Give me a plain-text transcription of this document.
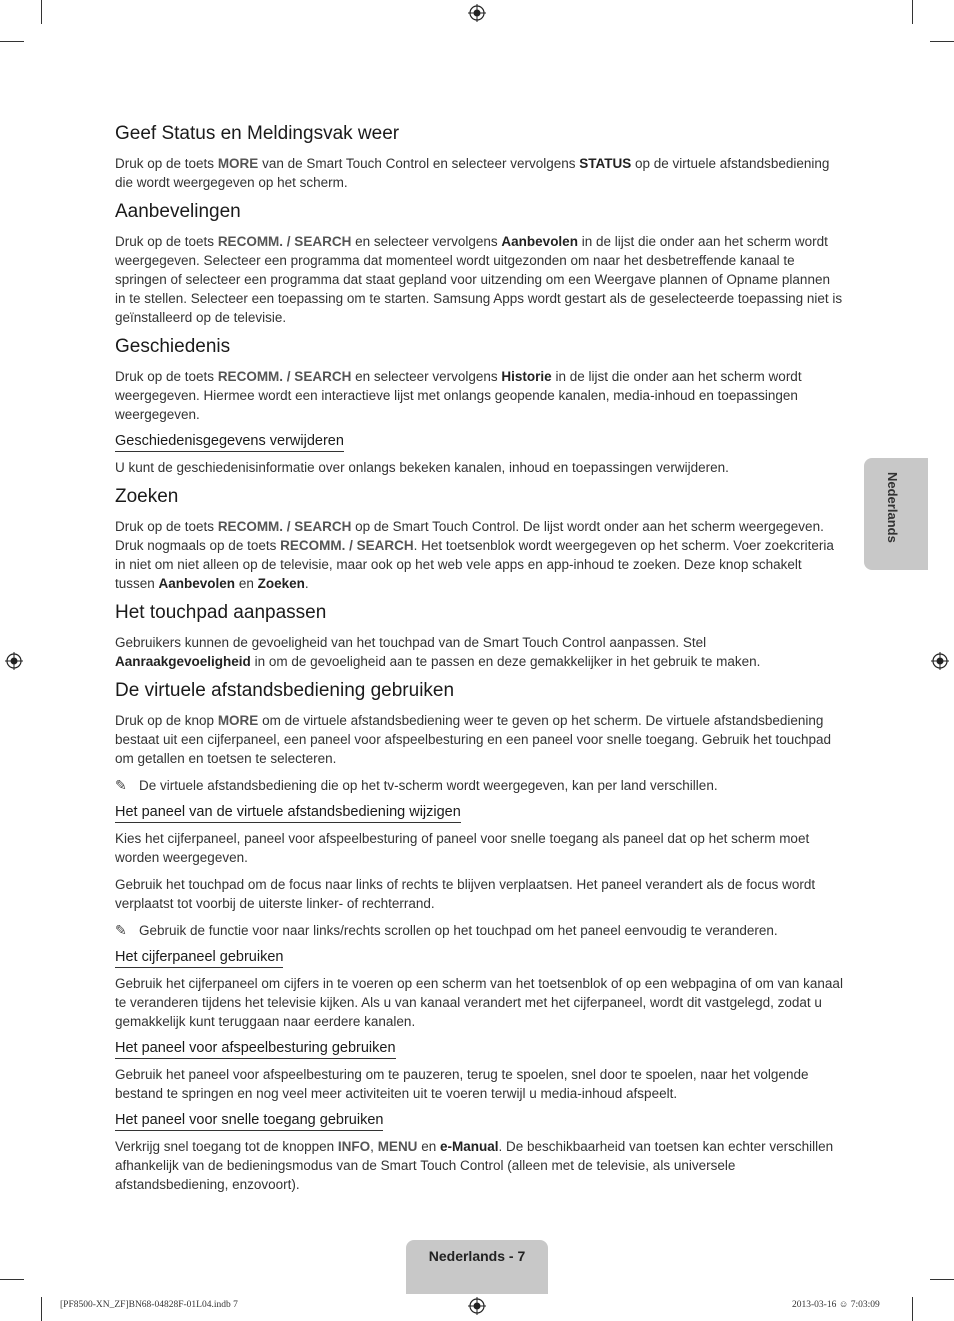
Geef Status en Meldingsvak weer

Druk op de toets MORE van de Smart Touch Control en selecteer vervolgens STATUS op de virtuele afstandsbediening die wordt weergegeven op het scherm.

Aanbevelingen

Druk op de toets RECOMM. / SEARCH en selecteer vervolgens Aanbevolen in de lijst die onder aan het scherm wordt weergegeven. Selecteer een programma dat momenteel wordt uitgezonden om naar het desbetreffende kanaal te springen of selecteer een programma dat staat gepland voor uitzending om een Weergave plannen of Opname plannen in te stellen. Selecteer een toepassing om te starten. Samsung Apps wordt gestart als de geselecteerde toepassing niet is geïnstalleerd op de televisie.

Geschiedenis

Druk op de toets RECOMM. / SEARCH en selecteer vervolgens Historie in de lijst die onder aan het scherm wordt weergegeven. Hiermee wordt een interactieve lijst met onlangs geopende kanalen, media-inhoud en toepassingen weergegeven.

Geschiedenisgegevens verwijderen

U kunt de geschiedenisinformatie over onlangs bekeken kanalen, inhoud en toepassingen verwijderen.

Zoeken

Druk op de toets RECOMM. / SEARCH op de Smart Touch Control. De lijst wordt onder aan het scherm weergegeven. Druk nogmaals op de toets RECOMM. / SEARCH. Het toetsenblok wordt weergegeven op het scherm. Voer zoekcriteria in niet om niet alleen op de televisie, maar ook op het web vele apps en app-inhoud te zoeken. Deze knop schakelt tussen Aanbevolen en Zoeken.

Het touchpad aanpassen

Gebruikers kunnen de gevoeligheid van het touchpad van de Smart Touch Control aanpassen. Stel Aanraakgevoeligheid in om de gevoeligheid aan te passen en deze gemakkelijker in het gebruik te maken.

De virtuele afstandsbediening gebruiken

Druk op de knop MORE om de virtuele afstandsbediening weer te geven op het scherm. De virtuele afstandsbediening bestaat uit een cijferpaneel, een paneel voor afspeelbesturing en een paneel voor snelle toegang. Gebruik het touchpad om getallen en toetsen te selecteren.

✎ De virtuele afstandsbediening die op het tv-scherm wordt weergegeven, kan per land verschillen.
Het paneel van de virtuele afstandsbediening wijzigen

Kies het cijferpaneel, paneel voor afspeelbesturing of paneel voor snelle toegang als paneel dat op het scherm moet worden weergegeven.

Gebruik het touchpad om de focus naar links of rechts te blijven verplaatsen. Het paneel verandert als de focus wordt verplaatst tot voorbij de uiterste linker- of rechterrand.

✎ Gebruik de functie voor naar links/rechts scrollen op het touchpad om het paneel eenvoudig te veranderen.
Het cijferpaneel gebruiken

Gebruik het cijferpaneel om cijfers in te voeren op een scherm van het toetsenblok of op een webpagina of om van kanaal te veranderen tijdens het televisie kijken. Als u van kanaal verandert met het cijferpaneel, wordt dit vastgelegd, zodat u gemakkelijk kunt teruggaan naar eerdere kanalen.

Het paneel voor afspeelbesturing gebruiken

Gebruik het paneel voor afspeelbesturing om te pauzeren, terug te spoelen, snel door te spoelen, naar het volgende bestand te springen en nog veel meer activiteiten uit te voeren terwijl u media-inhoud afspeelt.

Het paneel voor snelle toegang gebruiken

Verkrijg snel toegang tot de knoppen INFO, MENU en e-Manual. De beschikbaarheid van toetsen kan echter verschillen afhankelijk van de bedieningsmodus van de Smart Touch Control (alleen met de televisie, als universele afstandsbediening, enzovoort).

Nederlands
Nederlands - 7
[PF8500-XN_ZF]BN68-04828F-01L04.indb 7	2013-03-16 ☺ 7:03:09
